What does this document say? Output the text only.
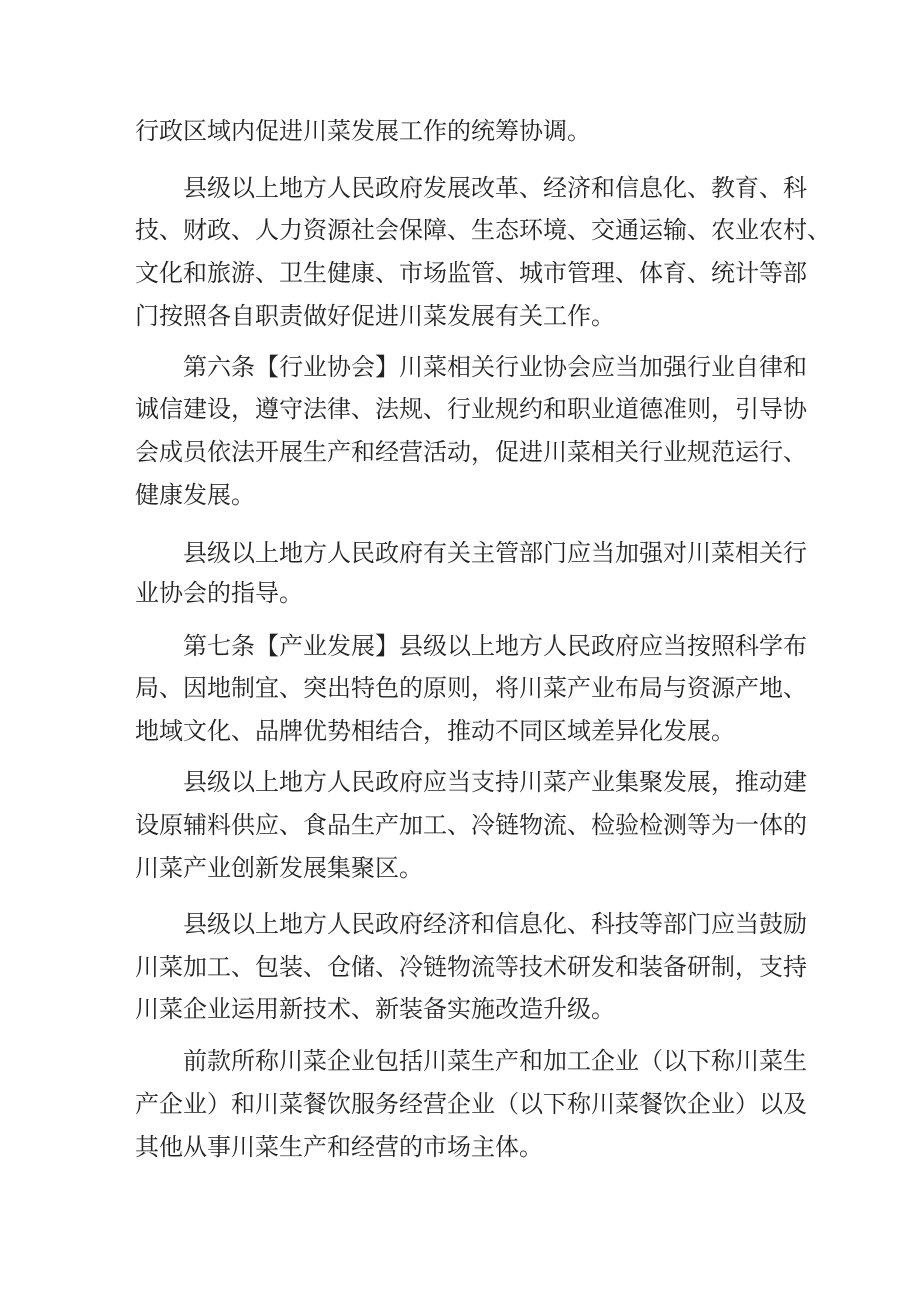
行政区域内促进川菜发展工作的统筹协调。
县级以上地方人民政府发展改革、经济和信息化、教育、科
技、财政、人力资源社会保障、生态环境、交通运输、农业农村、
文化和旅游、卫生健康、市场监管、城市管理、体育、统计等部
门按照各自职责做好促进川菜发展有关工作。
第六条【行业协会】川菜相关行业协会应当加强行业自律和
诚信建设，遵守法律、法规、行业规约和职业道德准则，引导协
会成员依法开展生产和经营活动，促进川菜相关行业规范运行、
健康发展。
县级以上地方人民政府有关主管部门应当加强对川菜相关行
业协会的指导。
第七条【产业发展】县级以上地方人民政府应当按照科学布
局、因地制宜、突出特色的原则，将川菜产业布局与资源产地、
地域文化、品牌优势相结合，推动不同区域差异化发展。
县级以上地方人民政府应当支持川菜产业集聚发展，推动建
设原辅料供应、食品生产加工、冷链物流、检验检测等为一体的
川菜产业创新发展集聚区。
县级以上地方人民政府经济和信息化、科技等部门应当鼓励
川菜加工、包装、仓储、冷链物流等技术研发和装备研制，支持
川菜企业运用新技术、新装备实施改造升级。
前款所称川菜企业包括川菜生产和加工企业（以下称川菜生
产企业）和川菜餐饮服务经营企业（以下称川菜餐饮企业）以及
其他从事川菜生产和经营的市场主体。
